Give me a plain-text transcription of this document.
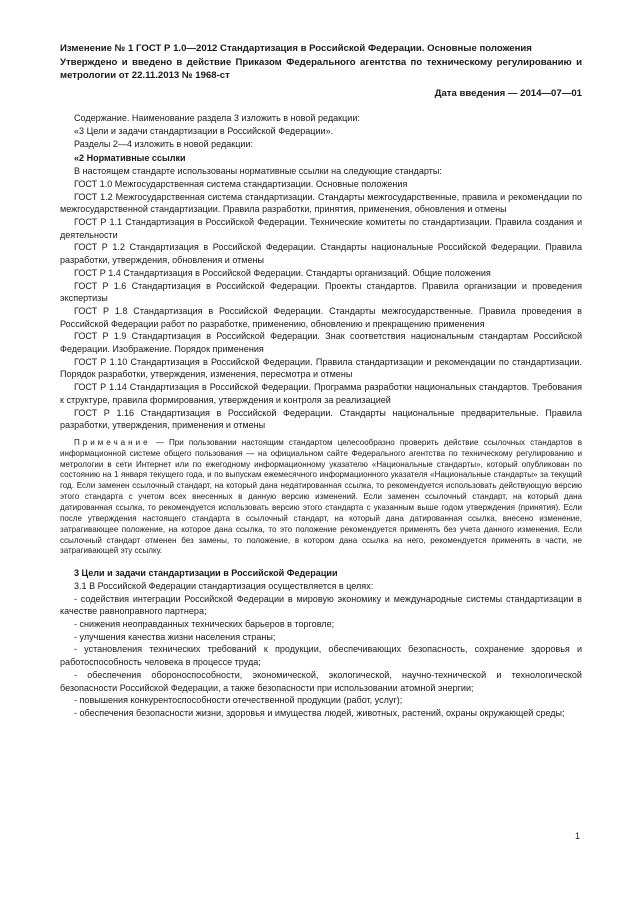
Изменение № 1 ГОСТ Р 1.0—2012 Стандартизация в Российской Федерации. Основные положения

Утверждено и введено в действие Приказом Федерального агентства по техническому регулированию и метрологии от 22.11.2013 № 1968-ст

Дата введения — 2014—07—01

Содержание. Наименование раздела 3 изложить в новой редакции:

«3 Цели и задачи стандартизации в Российской Федерации».

Разделы 2—4 изложить в новой редакции:

«2 Нормативные ссылки

В настоящем стандарте использованы нормативные ссылки на следующие стандарты:

ГОСТ 1.0 Межгосударственная система стандартизации. Основные положения

ГОСТ 1.2 Межгосударственная система стандартизации. Стандарты межгосударственные, правила и рекомендации по межгосударственной стандартизации. Правила разработки, принятия, применения, обновления и отмены

ГОСТ Р 1.1 Стандартизация в Российской Федерации. Технические комитеты по стандартизации. Правила создания и деятельности

ГОСТ Р 1.2 Стандартизация в Российской Федерации. Стандарты национальные Российской Федерации. Правила разработки, утверждения, обновления и отмены

ГОСТ Р 1.4 Стандартизация в Российской Федерации. Стандарты организаций. Общие положения

ГОСТ Р 1.6 Стандартизация в Российской Федерации. Проекты стандартов. Правила организации и проведения экспертизы

ГОСТ Р 1.8 Стандартизация в Российской Федерации. Стандарты межгосударственные. Правила проведения в Российской Федерации работ по разработке, применению, обновлению и прекращению применения

ГОСТ Р 1.9 Стандартизация в Российской Федерации. Знак соответствия национальным стандартам Российской Федерации. Изображение. Порядок применения

ГОСТ Р 1.10 Стандартизация в Российской Федерации. Правила стандартизации и рекомендации по стандартизации. Порядок разработки, утверждения, изменения, пересмотра и отмены

ГОСТ Р 1.14 Стандартизация в Российской Федерации. Программа разработки национальных стандартов. Требования к структуре, правила формирования, утверждения и контроля за реализацией

ГОСТ Р 1.16 Стандартизация в Российской Федерации. Стандарты национальные предварительные. Правила разработки, утверждения, применения и отмены

Примечание — При пользовании настоящим стандартом целесообразно проверить действие ссылочных стандартов в информационной системе общего пользования — на официальном сайте Федерального агентства по техническому регулированию и метрологии в сети Интернет или по ежегодному информационному указателю «Национальные стандарты», который опубликован по состоянию на 1 января текущего года, и по выпускам ежемесячного информационного указателя «Национальные стандарты» за текущий год. Если заменен ссылочный стандарт, на который дана недатированная ссылка, то рекомендуется использовать действующую версию этого стандарта с учетом всех внесенных в данную версию изменений. Если заменен ссылочный стандарт, на который дана датированная ссылка, то рекомендуется использовать версию этого стандарта с указанным выше годом утверждения (принятия). Если после утверждения настоящего стандарта в ссылочный стандарт, на который дана датированная ссылка, внесено изменение, затрагивающее положение, на которое дана ссылка, то это положение рекомендуется применять без учета данного изменения. Если ссылочный стандарт отменен без замены, то положение, в котором дана ссылка на него, рекомендуется применять в части, не затрагивающей эту ссылку.

3 Цели и задачи стандартизации в Российской Федерации

3.1 В Российской Федерации стандартизация осуществляется в целях:

- содействия интеграции Российской Федерации в мировую экономику и международные системы стандартизации в качестве равноправного партнера;

- снижения неоправданных технических барьеров в торговле;

- улучшения качества жизни населения страны;

- установления технических требований к продукции, обеспечивающих безопасность, сохранение здоровья и работоспособность человека в процессе труда;

- обеспечения обороноспособности, экономической, экологической, научно-технической и технологической безопасности Российской Федерации, а также безопасности при использовании атомной энергии;

- повышения конкурентоспособности отечественной продукции (работ, услуг);

- обеспечения безопасности жизни, здоровья и имущества людей, животных, растений, охраны окружающей среды;

1
